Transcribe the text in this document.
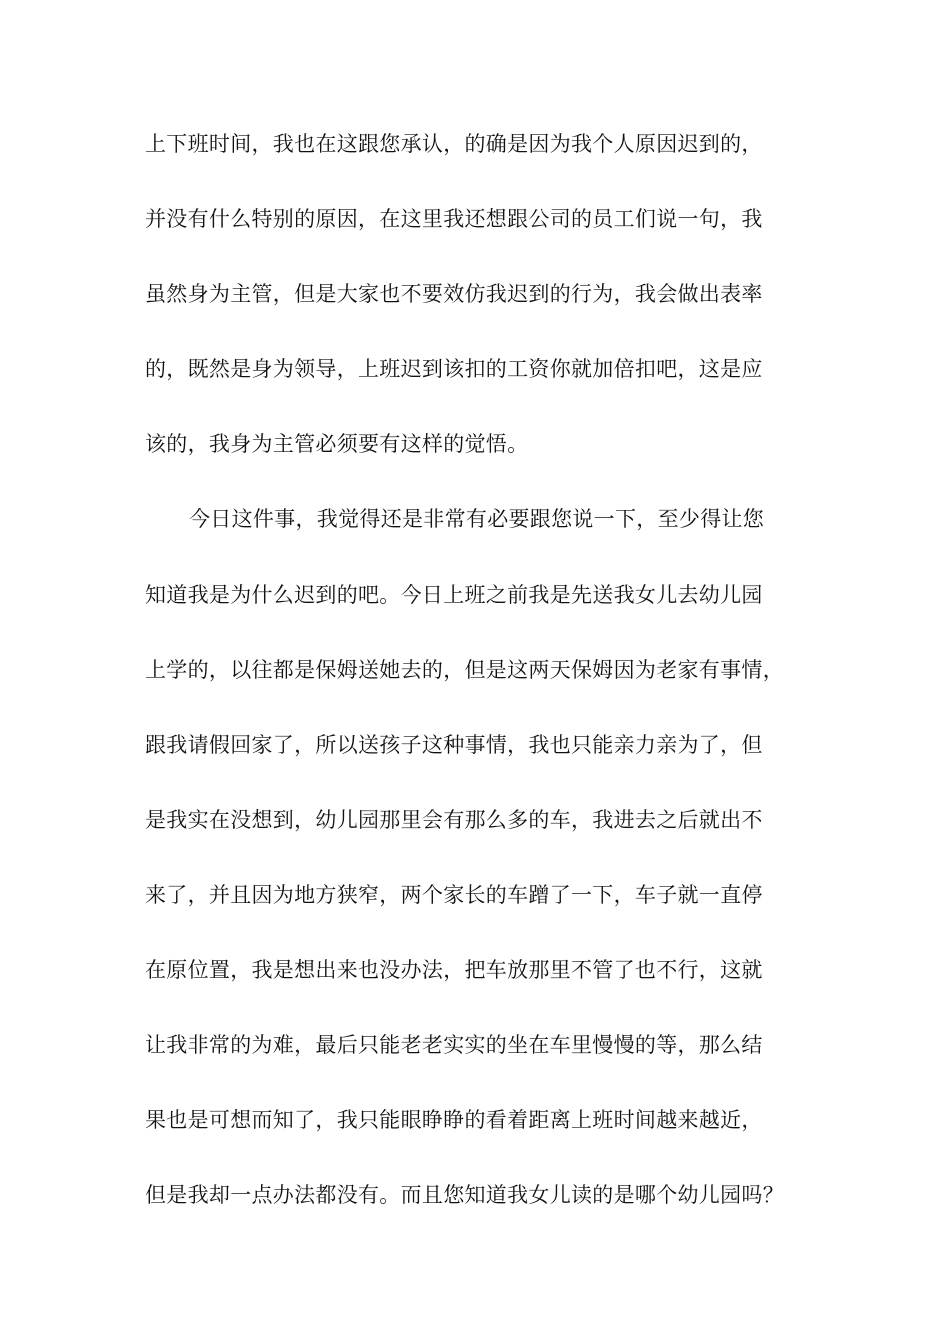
上下班时间，我也在这跟您承认，的确是因为我个人原因迟到的，
并没有什么特别的原因，在这里我还想跟公司的员工们说一句，我
虽然身为主管，但是大家也不要效仿我迟到的行为，我会做出表率
的，既然是身为领导，上班迟到该扣的工资你就加倍扣吧，这是应
该的，我身为主管必须要有这样的觉悟。
今日这件事，我觉得还是非常有必要跟您说一下，至少得让您
知道我是为什么迟到的吧。今日上班之前我是先送我女儿去幼儿园
上学的，以往都是保姆送她去的，但是这两天保姆因为老家有事情，
跟我请假回家了，所以送孩子这种事情，我也只能亲力亲为了，但
是我实在没想到，幼儿园那里会有那么多的车，我进去之后就出不
来了，并且因为地方狭窄，两个家长的车蹭了一下，车子就一直停
在原位置，我是想出来也没办法，把车放那里不管了也不行，这就
让我非常的为难，最后只能老老实实的坐在车里慢慢的等，那么结
果也是可想而知了，我只能眼睁睁的看着距离上班时间越来越近，
但是我却一点办法都没有。而且您知道我女儿读的是哪个幼儿园吗？
